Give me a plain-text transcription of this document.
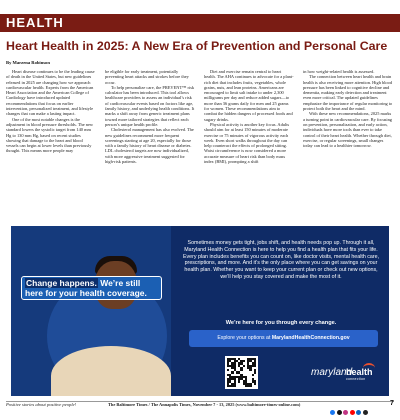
HEALTH
Heart Health in 2025: A New Era of Prevention and Personal Care
By Marzena Robinson

Heart disease continues to be the leading cause of death in the United States, but new guidelines released in 2025 are changing how we approach cardiovascular health. Experts from the American Heart Association and the American College of Cardiology have introduced updated recommendations that focus on earlier intervention, personalized treatment, and lifestyle changes that can make a lasting impact.

One of the most notable changes is the adjustment in blood pressure thresholds. The new standard lowers the systolic target from 140 mm Hg to 130 mm Hg, based on recent studies showing that damage to the heart and blood vessels can begin at lower levels than previously thought. This means more people may

be eligible for early treatment, potentially preventing heart attacks and strokes before they occur.

To help personalize care, the PREVENT™ risk calculator has been introduced. This tool allows healthcare providers to assess an individual’s risk of cardiovascular events based on factors like age, family history, and underlying health conditions. It marks a shift away from generic treatment plans toward more tailored strategies that reflect each person’s unique health profile.

Cholesterol management has also evolved. The new guidelines recommend more frequent screenings starting at age 20, especially for those with a family history of heart disease or diabetes. LDL cholesterol targets are now individualized, with more aggressive treatment suggested for high-risk patients.

Diet and exercise remain central to heart health. The AHA continues to advocate for a plant-rich diet that includes fruits, vegetables, whole grains, nuts, and lean proteins. Americans are encouraged to limit salt intake to under 2,300 milligrams per day and reduce added sugars—to more than 36 grams daily for men and 25 grams for women. These recommendations aim to combat the hidden dangers of processed foods and sugary drinks.

Physical activity is another key focus. Adults should aim for at least 150 minutes of moderate exercise or 75 minutes of vigorous activity each week. Even short walks throughout the day can help counteract the effects of prolonged sitting. Waist circumference is now considered a more accurate measure of heart risk than body mass index (BMI), prompting a shift

in how weight-related health is assessed.

The connection between heart health and brain health is also receiving more attention. High blood pressure has been linked to cognitive decline and dementia, making early detection and treatment even more critical. The updated guidelines emphasize the importance of regular monitoring to protect both the heart and the mind.

With these new recommendations, 2025 marks a turning point in cardiovascular care. By focusing on prevention, personalization, and early action, individuals have more tools than ever to take control of their heart health. Whether through diet, exercise, or regular screenings, small changes today can lead to a healthier tomorrow.

Change happens. We’re still here for your health coverage.
Sometimes money gets tight, jobs shift, and health needs pop up. Through it all, Maryland Health Connection is here to help you find a health plan that fits your life. Every plan includes benefits you can count on, like doctor visits, mental health care, prescriptions, and more. And it’s the only place where you can get savings on your health plan. Whether you want to keep your current plan or check out new options, we’ll help you stay covered and make the most of it.
We’re here for you through every change.
Explore your options at MarylandHealthConnection.gov
maryland
health
connection
Positive stories about positive people!	The Baltimore Times / The Annapolis Times, November 7 - 13, 2025 (www.baltimore-times-online.com)	7
